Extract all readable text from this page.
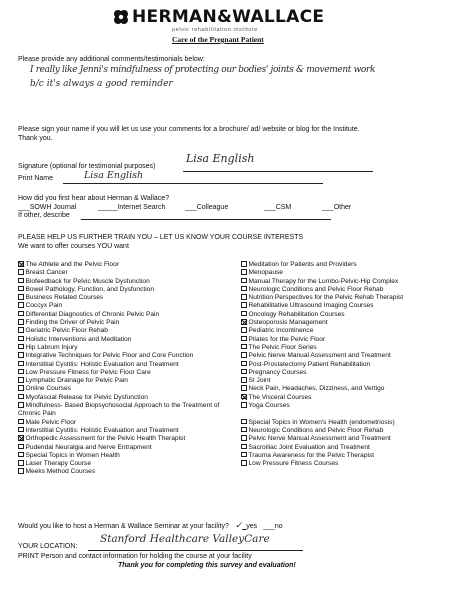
HERMAN&WALLACE
pelvic rehabilitation institute
Care of the Pregnant Patient
Please provide any additional comments/testimonials below:
I really like Jenni's mindfulness of protecting our bodies' joints & movement work
b/c it's always a good reminder
Please sign your name if you will let us use your comments for a brochure/ ad/ website or blog for the Institute.
Thank you.
Signature (optional for testimonial purposes)
Lisa English
Print Name	Lisa English
How did you first hear about Herman & Wallace?
___SOWH Journal	_____Internet Search	___Colleague	___CSM	___Other
If other, describe
PLEASE HELP US FURTHER TRAIN YOU – LET US KNOW YOUR COURSE INTERESTS
We want to offer courses YOU want
The Athlete and the Pelvic Floor
Breast Cancer
Biofeedback for Pelvic Muscle Dysfunction
Bowel Pathology, Function, and Dysfunction
Business Related Courses
Coccyx Pain
Differential Diagnostics of Chronic Pelvic Pain
Finding the Driver of Pelvic Pain
Geriatric Pelvic Floor Rehab
Holistic Interventions and Meditation
Hip Labrum Injury
Integrative Techniques for Pelvic Floor and Core Function
Interstitial Cystitis: Holistic Evaluation and Treatment
Low Pressure Fitness for Pelvic Floor Care
Lymphatic Drainage for Pelvic Pain
Online Courses
Myofascial Release for Pelvic Dysfunction
Mindfulness- Based Biopsychosocial Approach to the Treatment of Chronic Pain
Male Pelvic Floor
Interstitial Cystitis: Holistic Evaluation and Treatment
Orthopedic Assessment for the Pelvic Health Therapist
Pudendal Neuralgia and Nerve Entrapment
Special Topics in Women Health
Laser Therapy Course
Meeks Method Courses
Meditation for Patients and Providers
Menopause
Manual Therapy for the Lumbo-Pelvic-Hip Complex
Neurologic Conditions and Pelvic Floor Rehab
Nutrition Perspectives for the Pelvic Rehab Therapist
Rehabilitative Ultrasound Imaging Courses
Oncology Rehabilitation Courses
Osteoporosis Management
Pediatric Incontinence
Pilates for the Pelvic Floor
The Pelvic Floor Series
Pelvic Nerve Manual Assessment and Treatment
Post-Prostatectomy Patient Rehabilitation
Pregnancy Courses
SI Joint
Neck Pain, Headaches, Dizziness, and Vertigo
The Visceral Courses
Yoga Courses

Special Topics in Women's Health (endometriosis)
Neurologic Conditions and Pelvic Floor Rehab
Pelvic Nerve Manual Assessment and Treatment
Sacroiliac Joint Evaluation and Treatment
Trauma Awareness for the Pelvic Therapist
Low Pressure Fitness Courses
Would you like to host a Herman & Wallace Seminar at your facility? ✓ yes ___no
YOUR LOCATION:
Stanford Healthcare ValleyCare
PRINT Person and contact information for holding the course at your facility
Thank you for completing this survey and evaluation!
